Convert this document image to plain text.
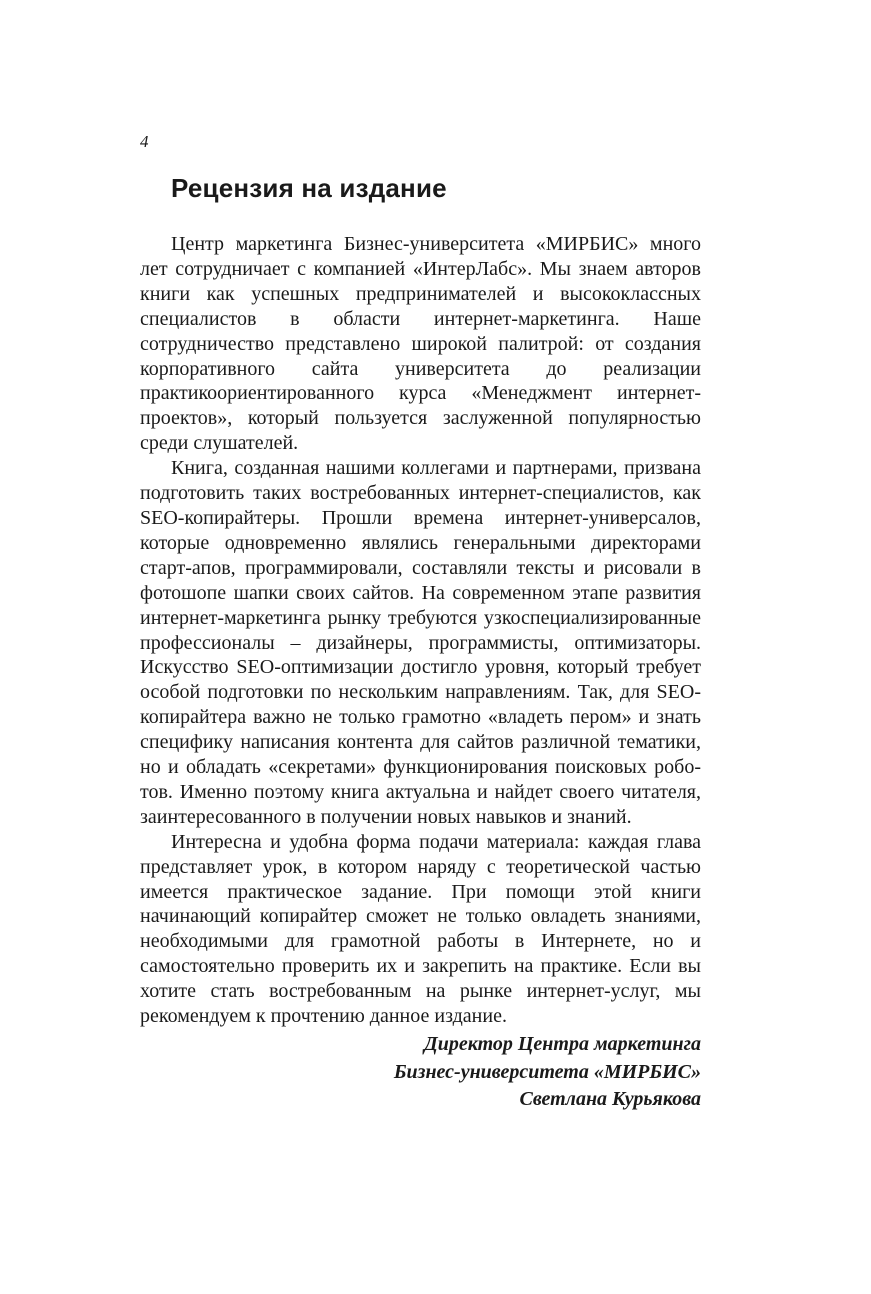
4
Рецензия на издание

Центр маркетинга Бизнес-университета «МИРБИС» много лет сотрудничает с компанией «ИнтерЛабс». Мы знаем авторов книги как успешных предпринимателей и высококлассных специалистов в области интернет-маркетинга. Наше сотрудничество представлено широкой палитрой: от создания корпоративного сайта университета до реализации практикоориентированного курса «Менеджмент интернет-проектов», который пользуется заслуженной популярностью среди слушателей.

Книга, созданная нашими коллегами и партнерами, призвана подготовить таких востребованных интернет-специалистов, как SEO-копирайтеры. Прошли времена интернет-универсалов, которые одновременно являлись генеральными директорами старт-апов, программировали, составляли тексты и рисовали в фотошопе шапки своих сайтов. На современном этапе развития интернет-маркетинга рынку требуются узкоспециализированные профессионалы – дизайнеры, программисты, оптимизаторы. Искусство SEO-оптимизации достигло уровня, который требует особой подготовки по нескольким направлениям. Так, для SEO-копирайтера важно не только грамотно «владеть пером» и знать специфику написания контента для сайтов различной тематики, но и обладать «секретами» функционирования поисковых роботов. Именно поэтому книга актуальна и найдет своего читателя, заинтересованного в получении новых навыков и знаний.

Интересна и удобна форма подачи материала: каждая глава представляет урок, в котором наряду с теоретической частью имеется практическое задание. При помощи этой книги начинающий копирайтер сможет не только овладеть знаниями, необходимыми для грамотной работы в Интернете, но и самостоятельно проверить их и закрепить на практике. Если вы хотите стать востребованным на рынке интернет-услуг, мы рекомендуем к прочтению данное издание.

Директор Центра маркетинга
Бизнес-университета «МИРБИС»
Светлана Курьякова
